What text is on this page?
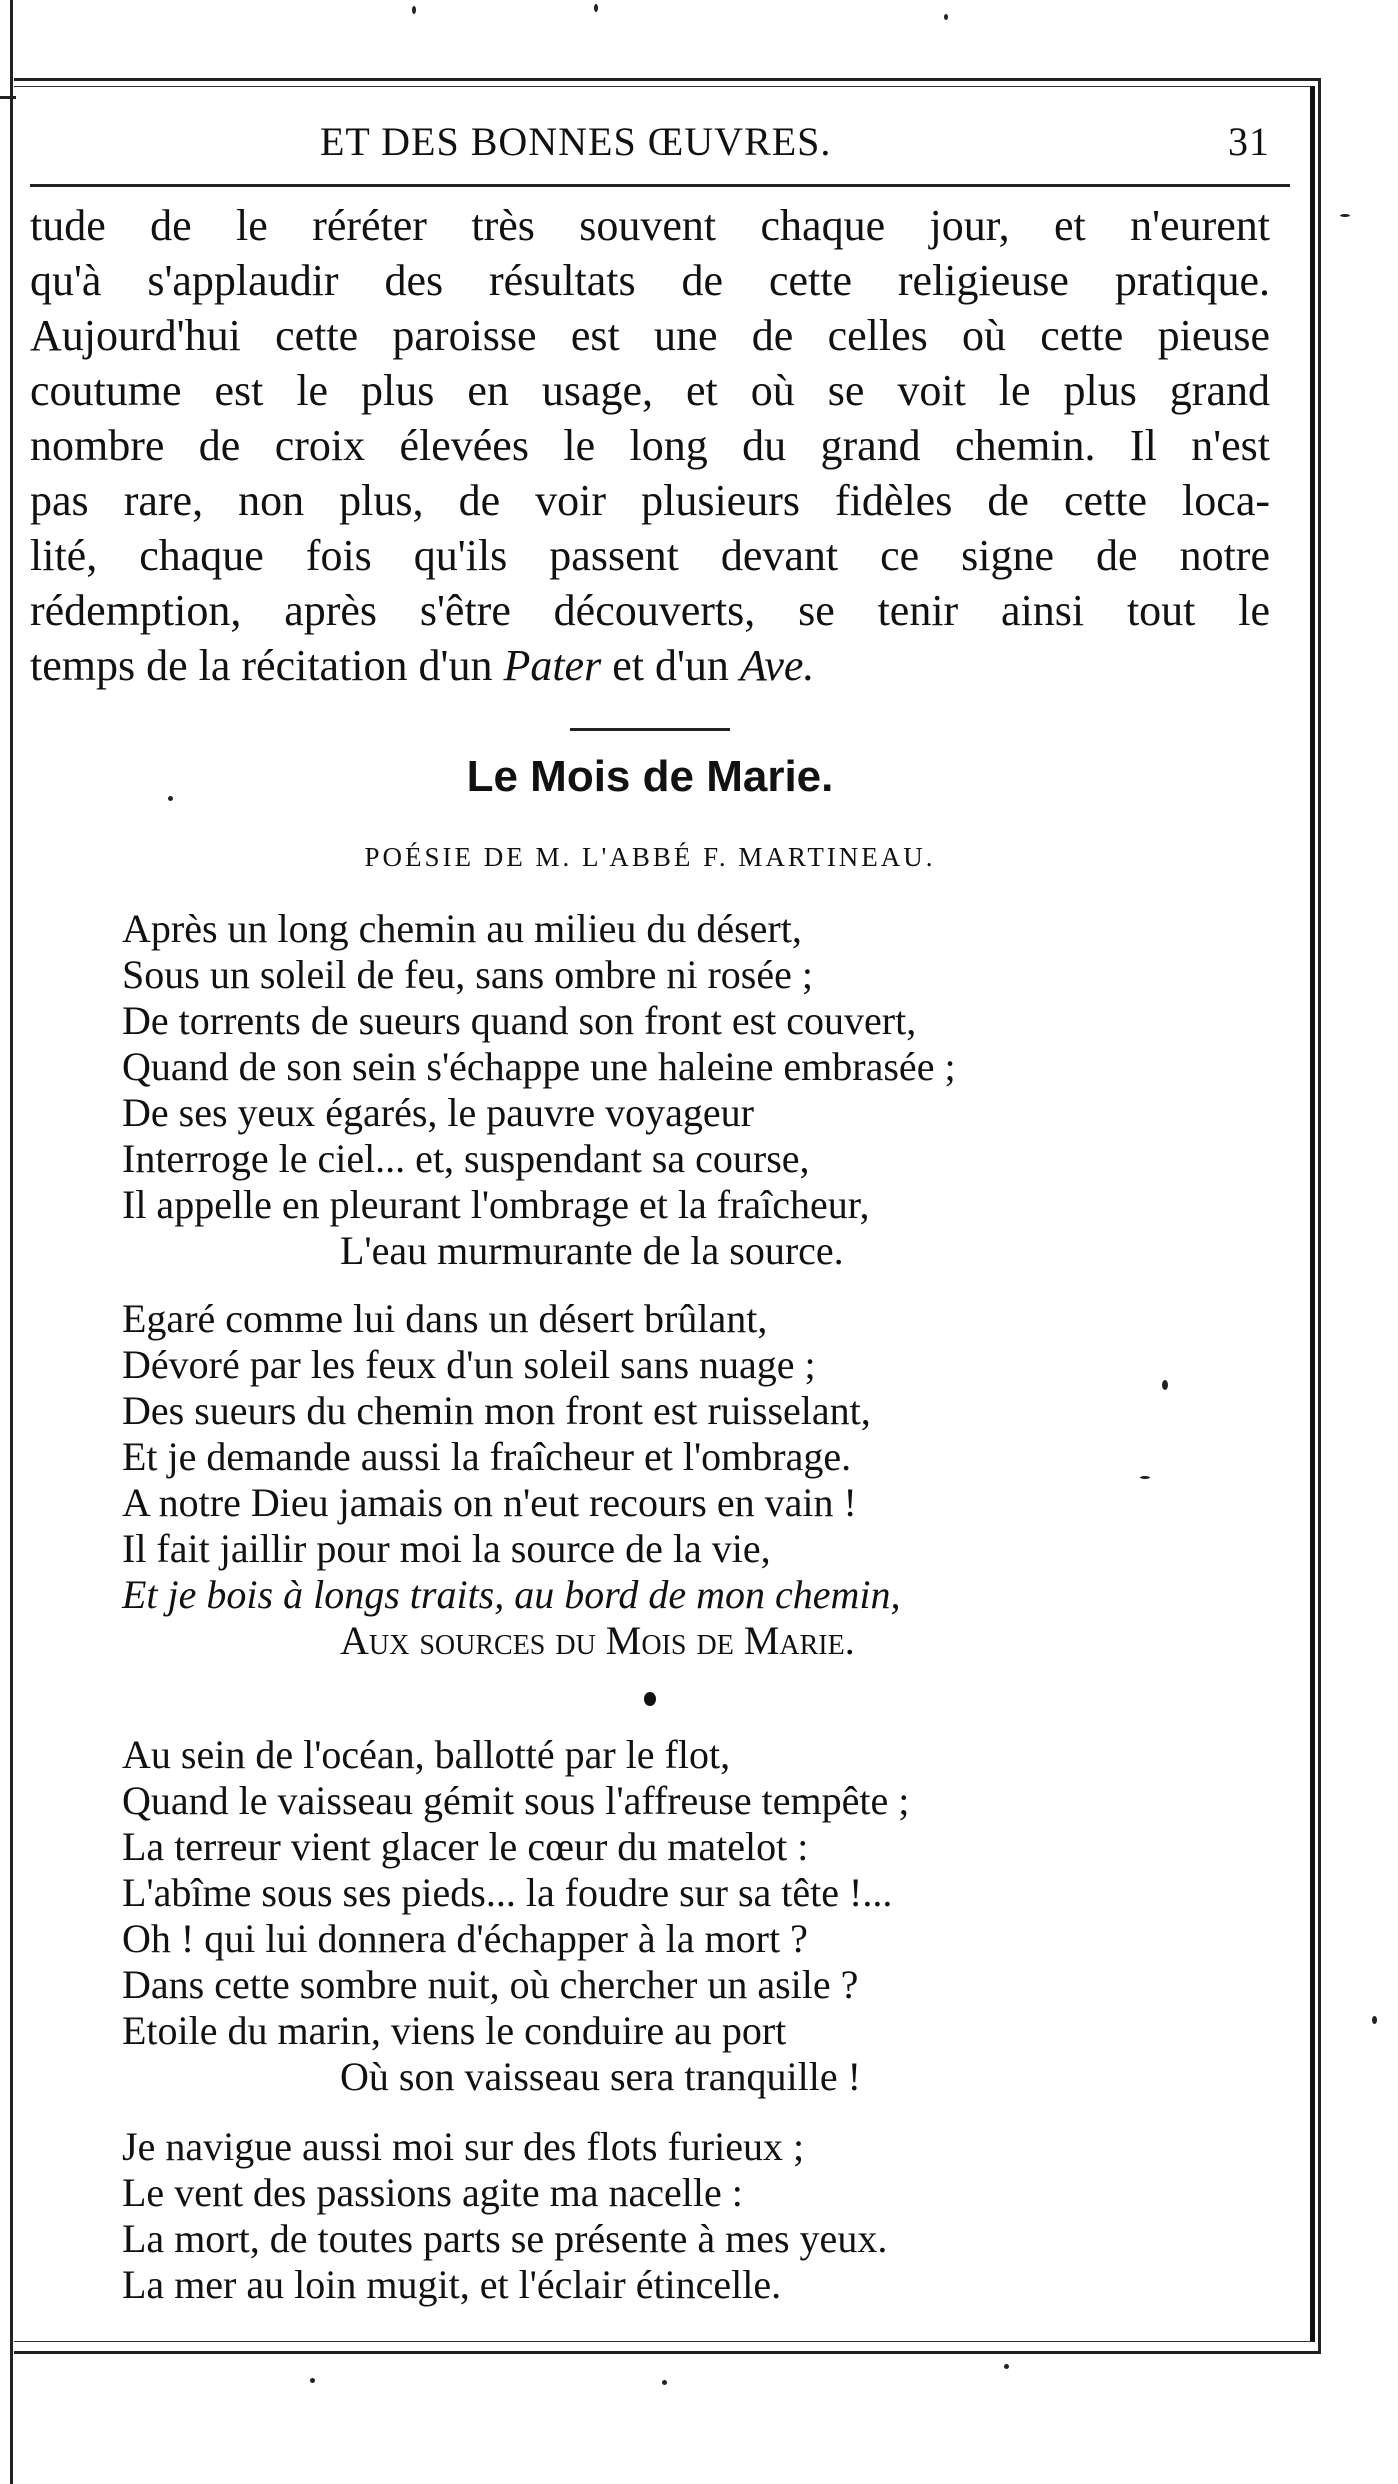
ET DES BONNES ŒUVRES.	31
tude de le réréter très souvent chaque jour, et n'eurent
qu'à s'applaudir des résultats de cette religieuse pratique.
Aujourd'hui cette paroisse est une de celles où cette pieuse
coutume est le plus en usage, et où se voit le plus grand
nombre de croix élevées le long du grand chemin. Il n'est
pas rare, non plus, de voir plusieurs fidèles de cette loca-
lité, chaque fois qu'ils passent devant ce signe de notre
rédemption, après s'être découverts, se tenir ainsi tout le
temps de la récitation d'un Pater et d'un Ave.
Le Mois de Marie.
POÉSIE DE M. L'ABBÉ F. MARTINEAU.
Après un long chemin au milieu du désert,
Sous un soleil de feu, sans ombre ni rosée ;
De torrents de sueurs quand son front est couvert,
Quand de son sein s'échappe une haleine embrasée ;
De ses yeux égarés, le pauvre voyageur
Interroge le ciel... et, suspendant sa course,
Il appelle en pleurant l'ombrage et la fraîcheur,
L'eau murmurante de la source.
Egaré comme lui dans un désert brûlant,
Dévoré par les feux d'un soleil sans nuage ;
Des sueurs du chemin mon front est ruisselant,
Et je demande aussi la fraîcheur et l'ombrage.
A notre Dieu jamais on n'eut recours en vain !
Il fait jaillir pour moi la source de la vie,
Et je bois à longs traits, au bord de mon chemin,
Aux sources du Mois de Marie.
Au sein de l'océan, ballotté par le flot,
Quand le vaisseau gémit sous l'affreuse tempête ;
La terreur vient glacer le cœur du matelot :
L'abîme sous ses pieds... la foudre sur sa tête !...
Oh ! qui lui donnera d'échapper à la mort ?
Dans cette sombre nuit, où chercher un asile ?
Etoile du marin, viens le conduire au port
Où son vaisseau sera tranquille !
Je navigue aussi moi sur des flots furieux ;
Le vent des passions agite ma nacelle :
La mort, de toutes parts se présente à mes yeux.
La mer au loin mugit, et l'éclair étincelle.
